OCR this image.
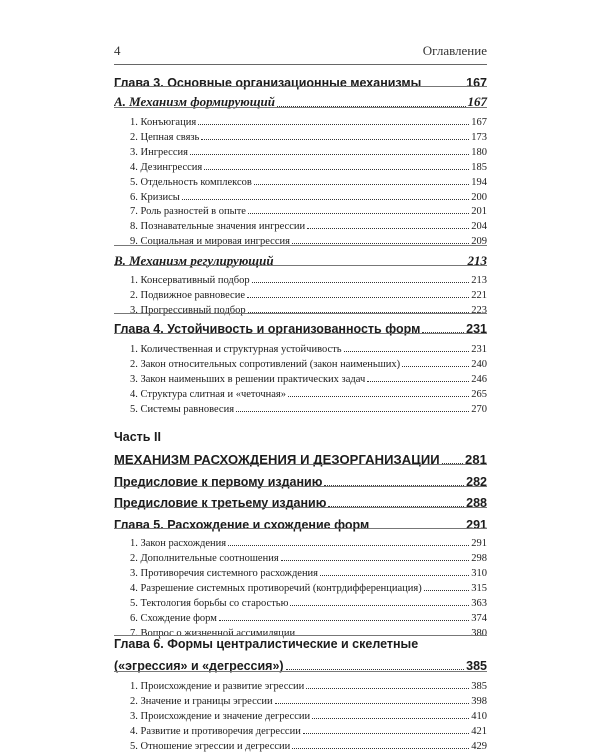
4	Оглавление
Глава 3. Основные организационные механизмы	167
А. Механизм формирующий	167
1. Конъюгация	167
2. Цепная связь	173
3. Ингрессия	180
4. Дезингрессия	185
5. Отдельность комплексов	194
6. Кризисы	200
7. Роль разностей в опыте	201
8. Познавательные значения ингрессии	204
9. Социальная и мировая ингрессия	209
В. Механизм регулирующий	213
1. Консервативный подбор	213
2. Подвижное равновесие	221
3. Прогрессивный подбор	223
Глава 4. Устойчивость и организованность форм	231
1. Количественная и структурная устойчивость	231
2. Закон относительных сопротивлений (закон наименьших)	240
3. Закон наименьших в решении практических задач	246
4. Структура слитная и «четочная»	265
5. Системы равновесия	270
Часть II
МЕХАНИЗМ РАСХОЖДЕНИЯ И ДЕЗОРГАНИЗАЦИИ 281
Предисловие к первому изданию	282
Предисловие к третьему изданию	288
Глава 5. Расхождение и схождение форм	291
1. Закон расхождения	291
2. Дополнительные соотношения	298
3. Противоречия системного расхождения	310
4. Разрешение системных противоречий (контрдифференциация)	315
5. Тектология борьбы со старостью	363
6. Схождение форм	374
7. Вопрос о жизненной ассимиляции	380
Глава 6. Формы централистические и скелетные
(«эгрессия» и «дегрессия»)	385
1. Происхождение и развитие эгрессии	385
2. Значение и границы эгрессии	398
3. Происхождение и значение дегрессии	410
4. Развитие и противоречия дегрессии	421
5. Отношение эгрессии и дегрессии	429
